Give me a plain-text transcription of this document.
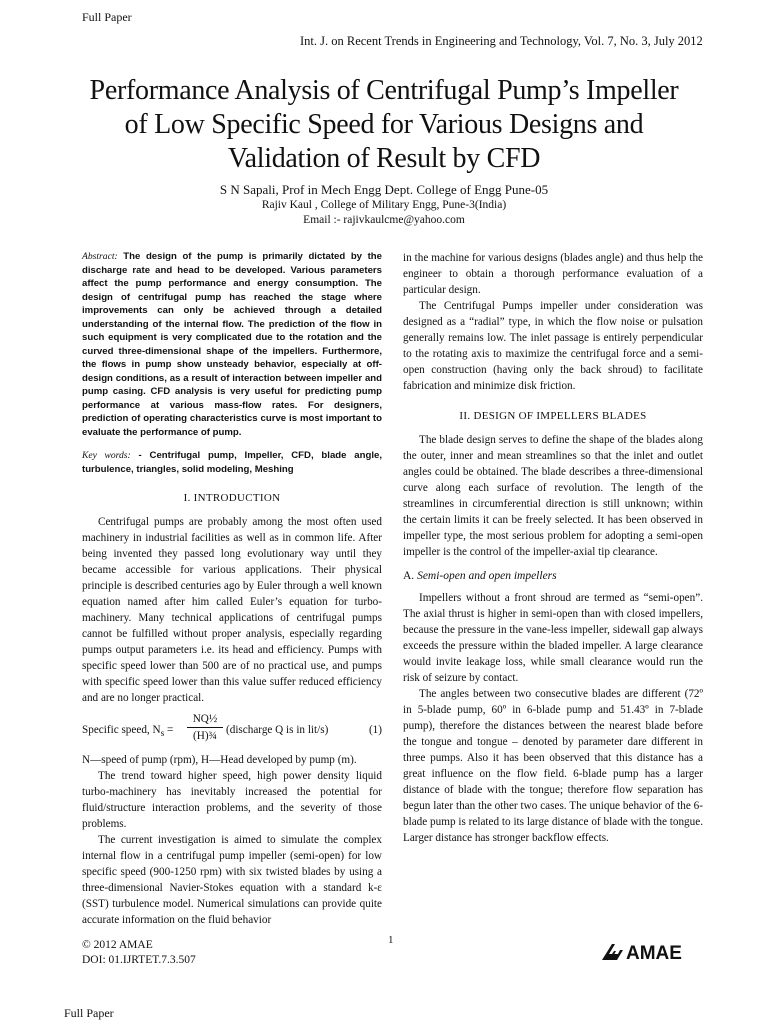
Full Paper
Int. J. on Recent Trends in Engineering and Technology, Vol. 7, No. 3, July 2012
Performance Analysis of Centrifugal Pump’s Impeller
of Low Specific Speed for Various Designs and
Validation of Result by CFD
S N Sapali, Prof in Mech Engg Dept. College of Engg Pune-05
Rajiv Kaul , College of Military Engg, Pune-3(India)
Email :- rajivkaulcme@yahoo.com

Abstract: The design of the pump is primarily dictated by the discharge rate and head to be developed. Various parameters affect the pump performance and energy consumption. The design of centrifugal pump has reached the stage where improvements can only be achieved through a detailed understanding of the internal flow. The prediction of the flow in such equipment is very complicated due to the rotation and the curved three-dimensional shape of the impellers. Furthermore, the flows in pump show unsteady behavior, especially at off- design conditions, as a result of interaction between impeller and pump casing. CFD analysis is very useful for predicting pump performance at various mass-flow rates. For designers, prediction of operating characteristics curve is most important to evaluate the performance of pump.

Key words: - Centrifugal pump, Impeller, CFD, blade angle, turbulence, triangles, solid modeling, Meshing

I. INTRODUCTION

Centrifugal pumps are probably among the most often used machinery in industrial facilities as well as in common life. After being invented they passed long evolutionary way until they became accessible for various applications. Their physical principle is described centuries ago by Euler through a well known equation named after him called Euler’s equation for turbo-machinery. Many technical applications of centrifugal pumps cannot be fulfilled without proper analysis, especially regarding pumps output parameters i.e. its head and efficiency. Pumps with specific speed lower than 500 are of no practical use, and pumps with specific speed lower than this value suffer reduced efficiency and are no longer practical.

Specific speed, $N_s = \frac{\text{NQ½}}{\text{(H)¾}}$ (discharge Q is in lit/s)	(1)

N—speed of pump (rpm), H—Head developed by pump (m).

The trend toward higher speed, high power density liquid turbo-machinery has inevitably increased the potential for fluid/structure interaction problems, and the severity of those problems.

The current investigation is aimed to simulate the complex internal flow in a centrifugal pump impeller (semi-open) for low specific speed (900-1250 rpm) with six twisted blades by using a three-dimensional Navier-Stokes equation with a standard k-ε (SST) turbulence model. Numerical simulations can provide quite accurate information on the fluid behavior

in the machine for various designs (blades angle) and thus help the engineer to obtain a thorough performance evaluation of a particular design.

The Centrifugal Pumps impeller under consideration was designed as a “radial” type, in which the flow noise or pulsation generally remains low. The inlet passage is entirely perpendicular to the rotating axis to maximize the centrifugal force and a semi-open construction (having only the back shroud) to facilitate fabrication and minimize disk friction.

II. DESIGN OF IMPELLERS BLADES

The blade design serves to define the shape of the blades along the outer, inner and mean streamlines so that the inlet and outlet angles could be obtained. The blade describes a three-dimensional curve along each surface of revolution. The length of the streamlines in circumferential direction is still unknown; within the certain limits it can be freely selected. It has been observed in impeller type, the most serious problem for adopting a semi-open impeller is the control of the impeller-axial tip clearance.

A. Semi-open and open impellers

Impellers without a front shroud are termed as “semi-open”. The axial thrust is higher in semi-open than with closed impellers, because the pressure in the vane-less impeller, sidewall gap always exceeds the pressure within the bladed impeller. A large clearance would invite leakage loss, while small clearance would run the risk of seizure by contact.

The angles between two consecutive blades are different (72º in 5-blade pump, 60º in 6-blade pump and 51.43º in 7-blade pump), therefore the distances between the nearest blade before the tongue and tongue – denoted by parameter dare different in three pumps. Also it has been observed that this distance has a great influence on the flow field. 6-blade pump has a larger distance of blade with the tongue; therefore flow separation has begun later than the other two cases. The unique behavior of the 6-blade pump is related to its large distance of blade with the tongue. Larger distance has stronger backflow effects.

1
© 2012 AMAE
DOI: 01.IJRTET.7.3.507	AMAE
Full Paper
